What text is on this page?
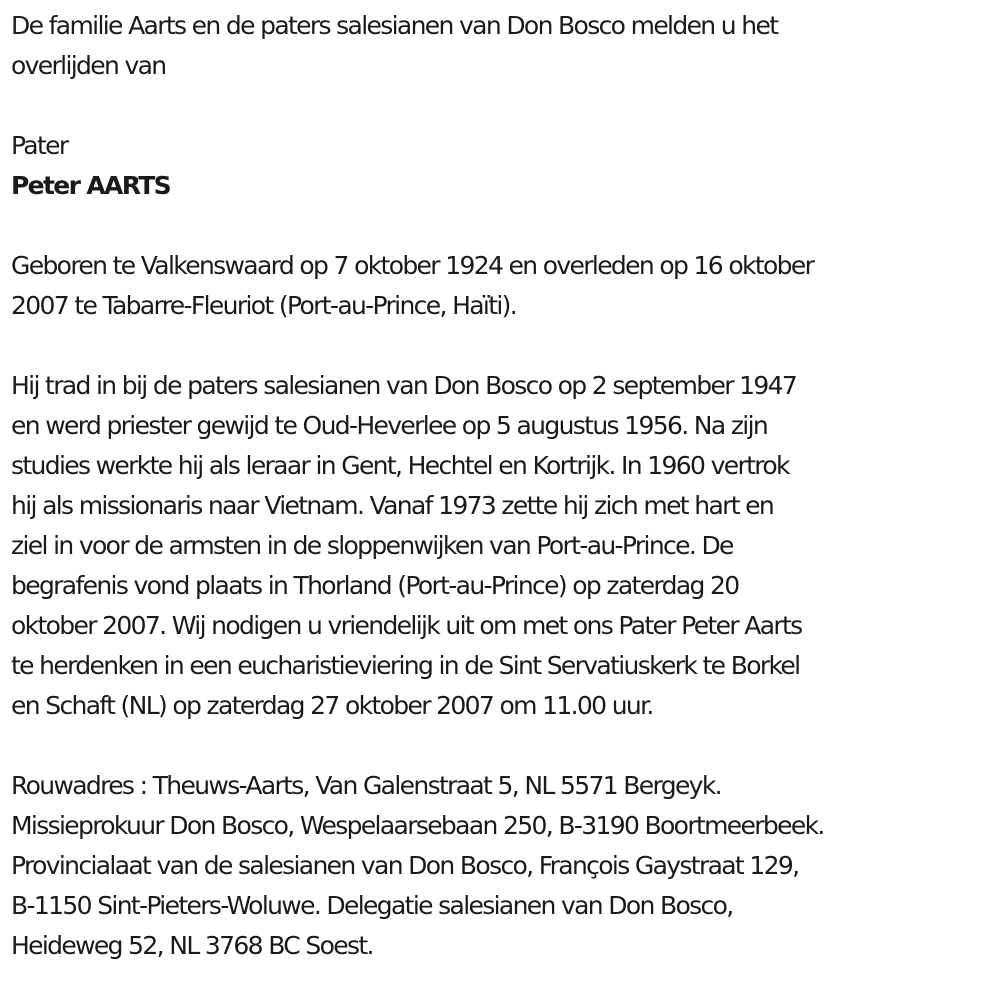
De familie Aarts en de paters salesianen van Don Bosco melden u het
overlijden van
Pater
Peter AARTS
Geboren te Valkenswaard op 7 oktober 1924 en overleden op 16 oktober
2007 te Tabarre-Fleuriot (Port-au-Prince, Haïti).
Hij trad in bij de paters salesianen van Don Bosco op 2 september 1947
en werd priester gewijd te Oud-Heverlee op 5 augustus 1956. Na zijn
studies werkte hij als leraar in Gent, Hechtel en Kortrijk. In 1960 vertrok
hij als missionaris naar Vietnam. Vanaf 1973 zette hij zich met hart en
ziel in voor de armsten in de sloppenwijken van Port-au-Prince. De
begrafenis vond plaats in Thorland (Port-au-Prince) op zaterdag 20
oktober 2007. Wij nodigen u vriendelijk uit om met ons Pater Peter Aarts
te herdenken in een eucharistieviering in de Sint Servatiuskerk te Borkel
en Schaft (NL) op zaterdag 27 oktober 2007 om 11.00 uur.
Rouwadres : Theuws-Aarts, Van Galenstraat 5, NL 5571 Bergeyk.
Missieprokuur Don Bosco, Wespelaarsebaan 250, B-3190 Boortmeerbeek.
Provincialaat van de salesianen van Don Bosco, François Gaystraat 129,
B-1150 Sint-Pieters-Woluwe. Delegatie salesianen van Don Bosco,
Heideweg 52, NL 3768 BC Soest.
